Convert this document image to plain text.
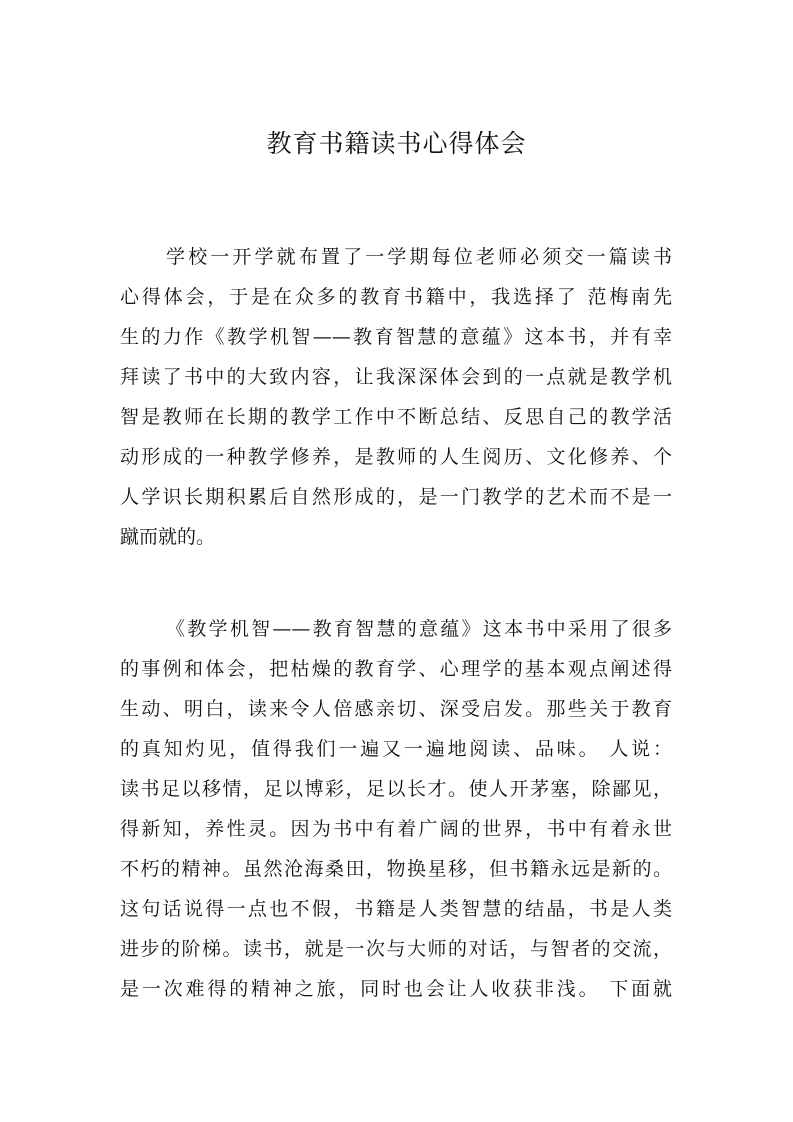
教育书籍读书心得体会

学校一开学就布置了一学期每位老师必须交一篇读书

心得体会，于是在众多的教育书籍中，我选择了 范梅南先

生的力作《教学机智——教育智慧的意蕴》这本书，并有幸

拜读了书中的大致内容，让我深深体会到的一点就是教学机

智是教师在长期的教学工作中不断总结、反思自己的教学活

动形成的一种教学修养，是教师的人生阅历、文化修养、个

人学识长期积累后自然形成的，是一门教学的艺术而不是一

蹴而就的。

《教学机智——教育智慧的意蕴》这本书中采用了很多

的事例和体会，把枯燥的教育学、心理学的基本观点阐述得

生动、明白，读来令人倍感亲切、深受启发。那些关于教育

的真知灼见，值得我们一遍又一遍地阅读、品味。 人说：

读书足以移情，足以博彩，足以长才。使人开茅塞，除鄙见，

得新知，养性灵。因为书中有着广阔的世界，书中有着永世

不朽的精神。虽然沧海桑田，物换星移，但书籍永远是新的。

这句话说得一点也不假，书籍是人类智慧的结晶，书是人类

进步的阶梯。读书，就是一次与大师的对话，与智者的交流，

是一次难得的精神之旅，同时也会让人收获非浅。 下面就
